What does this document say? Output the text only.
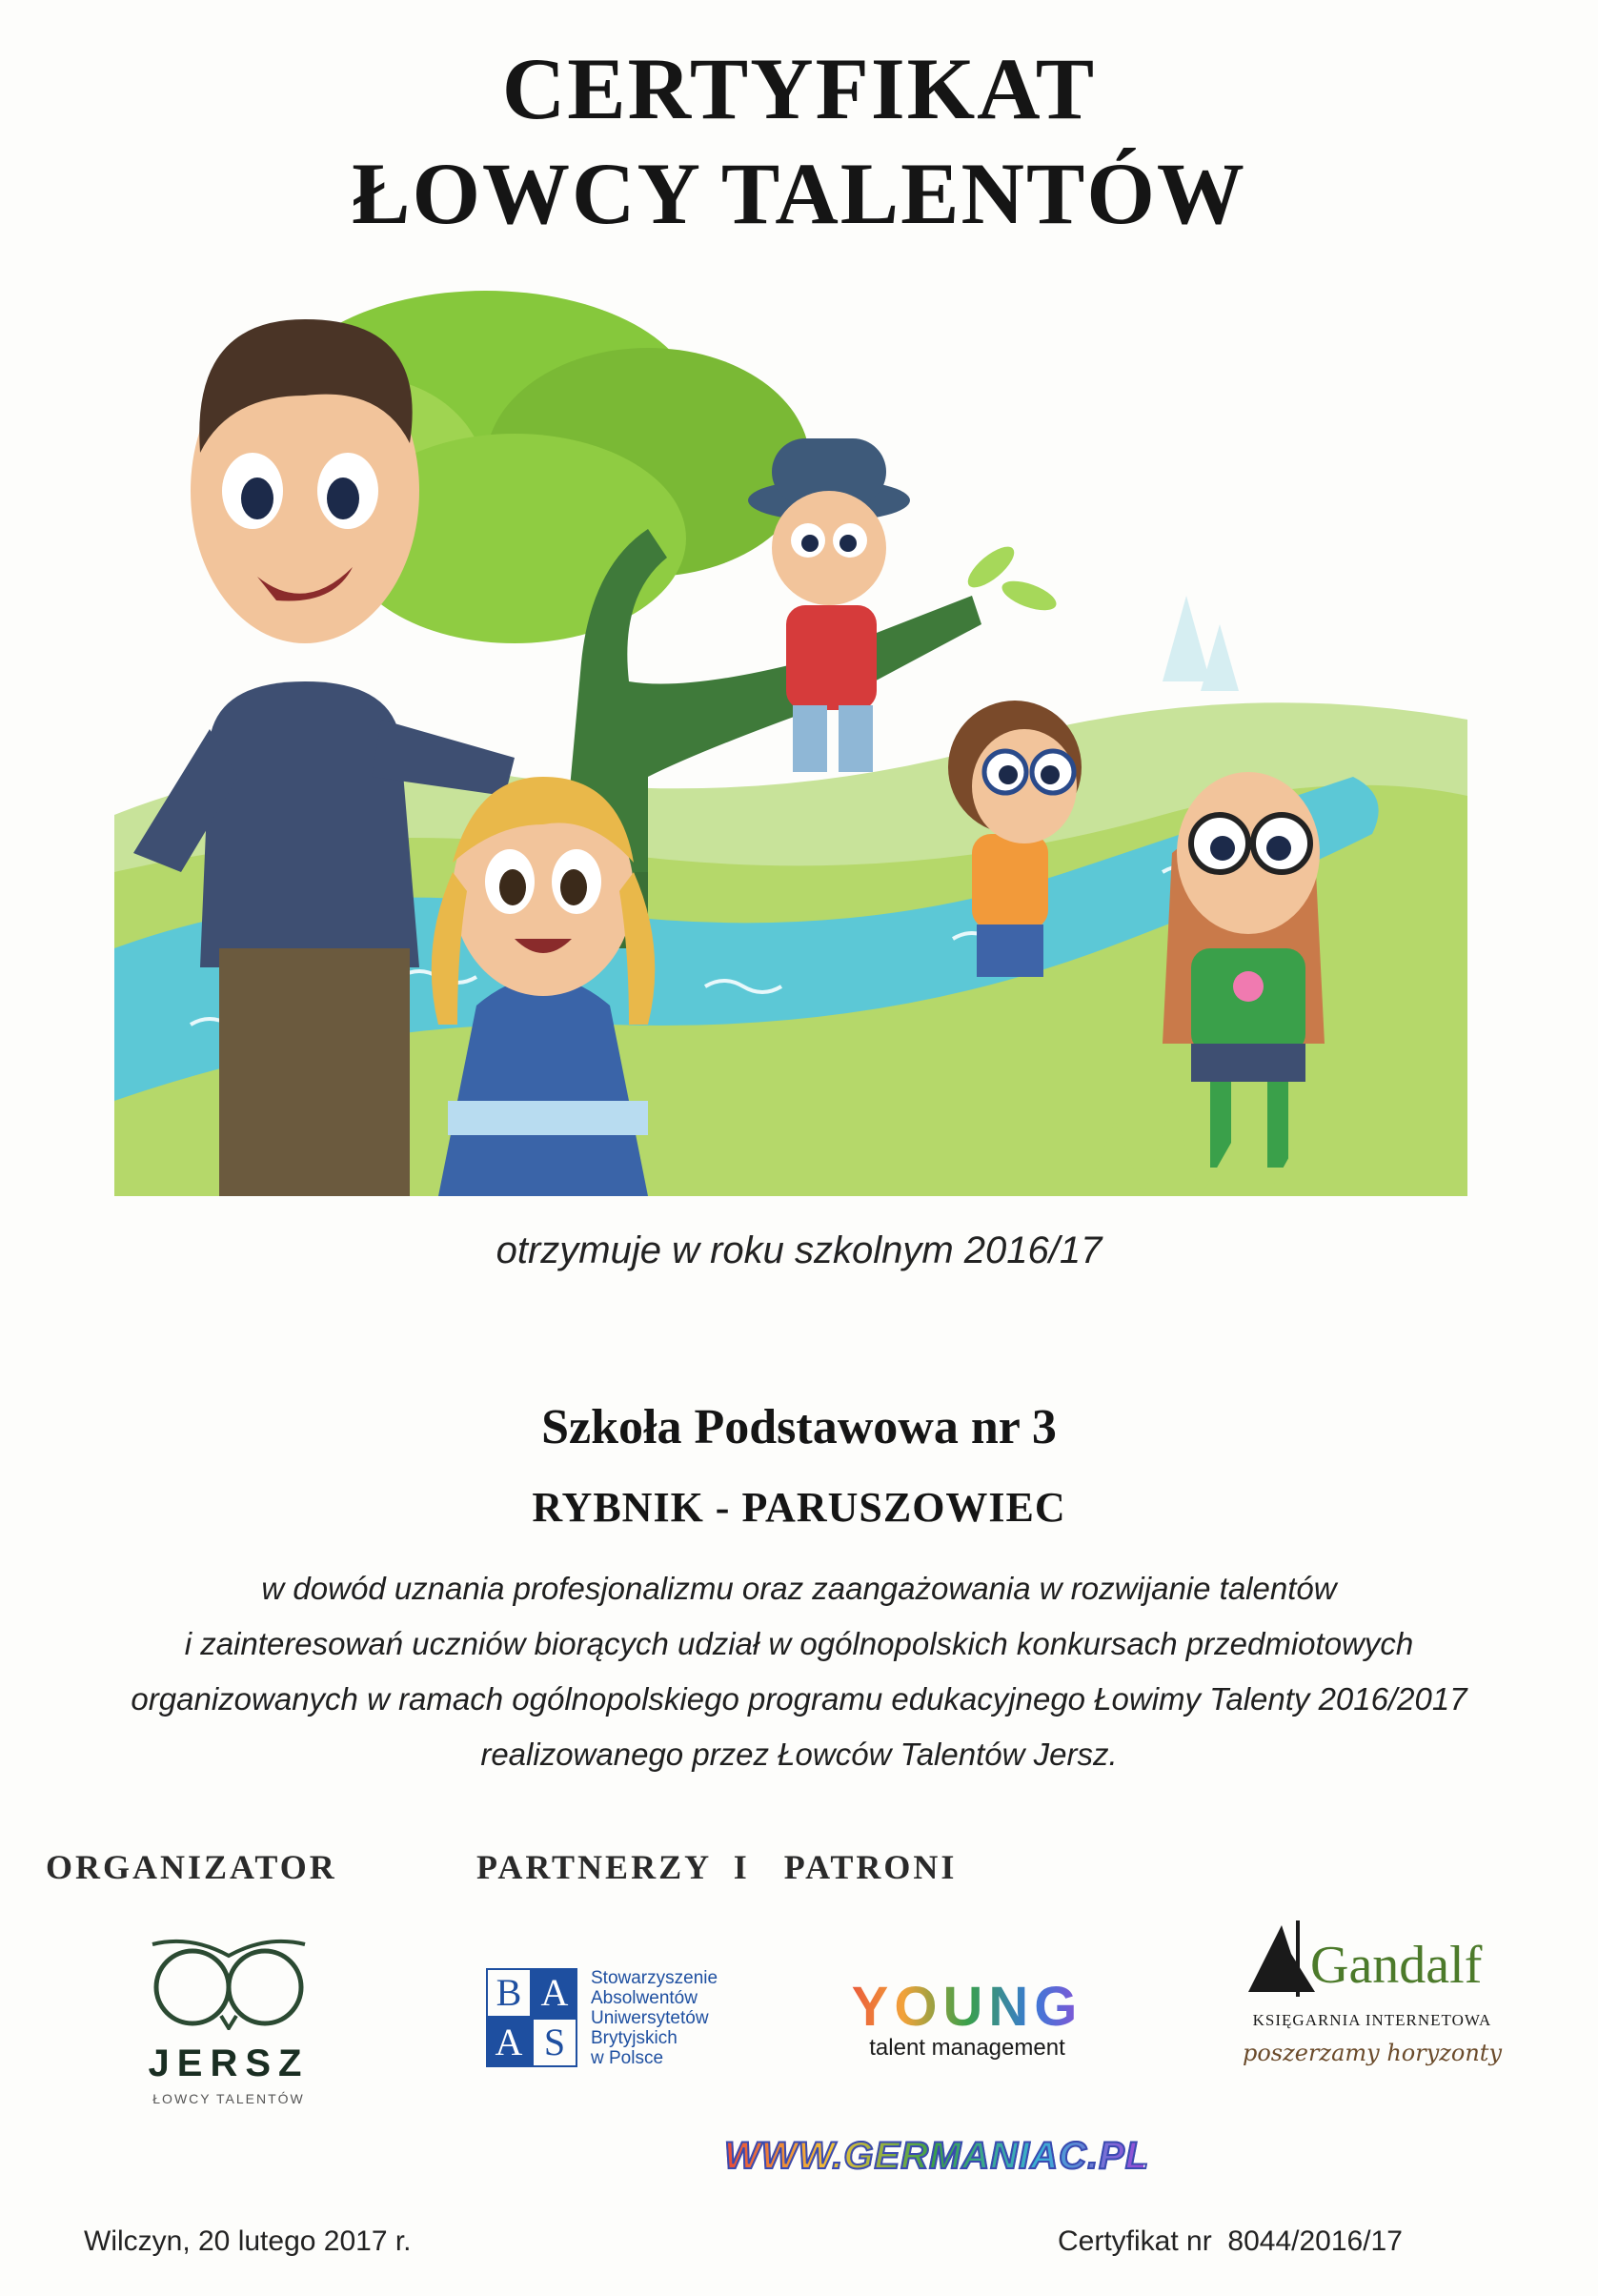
CERTYFIKAT
ŁOWCY TALENTÓW
otrzymuje w roku szkolnym 2016/17
Szkoła Podstawowa nr 3
RYBNIK - PARUSZOWIEC
w dowód uznania profesjonalizmu oraz zaangażowania w rozwijanie talentów
i zainteresowań uczniów biorących udział w ogólnopolskich konkursach przedmiotowych
organizowanych w ramach ogólnopolskiego programu edukacyjnego Łowimy Talenty 2016/2017
realizowanego przez Łowców Talentów Jersz.
ORGANIZATOR	PARTNERZY  I   PATRONI
JERSZ
ŁOWCY TALENTÓW
B A
A S
Stowarzyszenie
Absolwentów
Uniwersytetów
Brytyjskich
w Polsce
YOUNG
talent management
Gandalf
KSIĘGARNIA INTERNETOWA
poszerzamy horyzonty
WWW.GERMANIAC.PL
Wilczyn, 20 lutego 2017 r.	Certyfikat nr 8044/2016/17
